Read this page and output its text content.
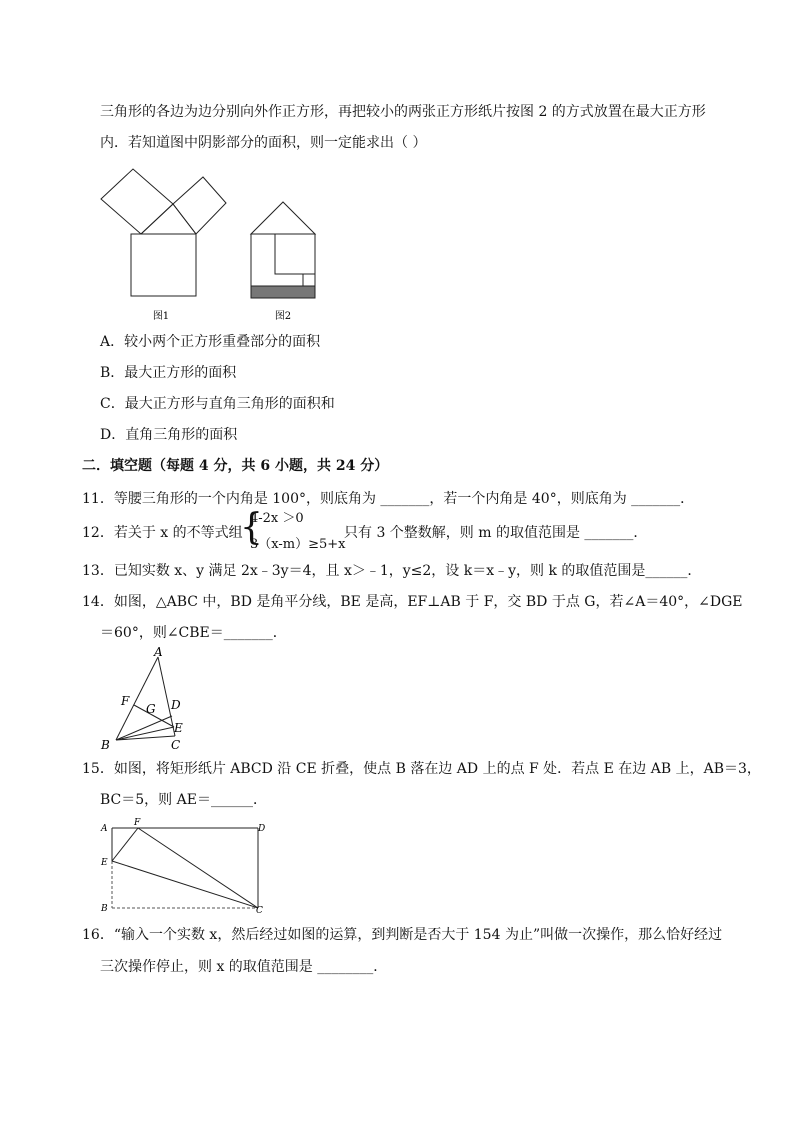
三角形的各边为边分别向外作正方形，再把较小的两张正方形纸片按图 2 的方式放置在最大正方形
内．若知道图中阴影部分的面积，则一定能求出（ ）
图1	图2
A．较小两个正方形重叠部分的面积
B．最大正方形的面积
C．最大正方形与直角三角形的面积和
D．直角三角形的面积
二．填空题（每题 4 分，共 6 小题，共 24 分）
11．等腰三角形的一个内角是 100°，则底角为 _______，若一个内角是 40°，则底角为 _______．
12．若关于 x 的不等式组
{
4-2x ＞0
3（x-m）≥5+x
只有 3 个整数解，则 m 的取值范围是 _______．
13．已知实数 x、y 满足 2x﹣3y＝4，且 x＞﹣1，y≤2，设 k＝x﹣y，则 k 的取值范围是______．
14．如图，△ABC 中，BD 是角平分线，BE 是高，EF⊥AB 于 F，交 BD 于点 G，若∠A＝40°，∠DGE
＝60°，则∠CBE＝_______．
A
F
G D
E
B	C
15．如图，将矩形纸片 ABCD 沿 CE 折叠，使点 B 落在边 AD 上的点 F 处．若点 E 在边 AB 上，AB＝3，
BC＝5，则 AE＝______．
A
F
D
E
B	C
16．“输入一个实数 x，然后经过如图的运算，到判断是否大于 154 为止”叫做一次操作，那么恰好经过
三次操作停止，则 x 的取值范围是 ________．
